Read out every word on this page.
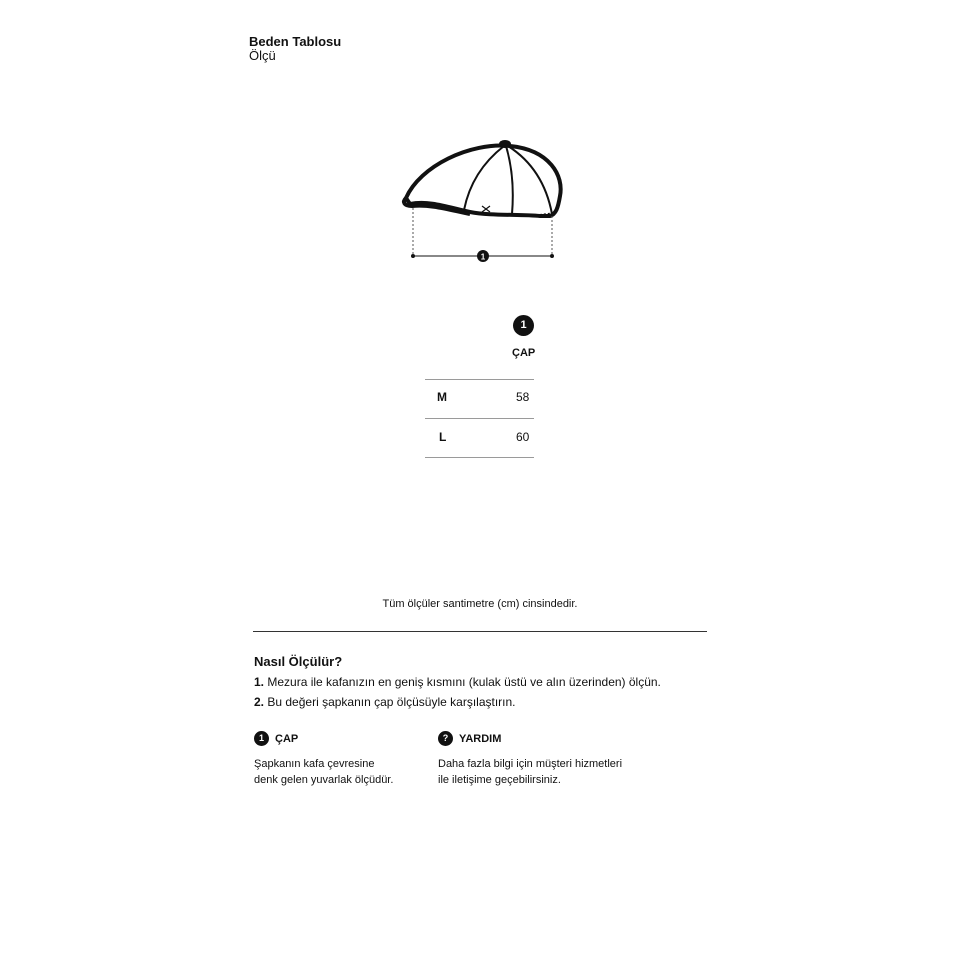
Beden Tablosu
Ölçü
1
1
ÇAP
M	58
L	60
Tüm ölçüler santimetre (cm) cinsindedir.
Nasıl Ölçülür?
1. Mezura ile kafanızın en geniş kısmını (kulak üstü ve alın üzerinden) ölçün.
2. Bu değeri şapkanın çap ölçüsüyle karşılaştırın.
1	ÇAP
Şapkanın kafa çevresine
denk gelen yuvarlak ölçüdür.
? YARDIM
Daha fazla bilgi için müşteri hizmetleri
ile iletişime geçebilirsiniz.
